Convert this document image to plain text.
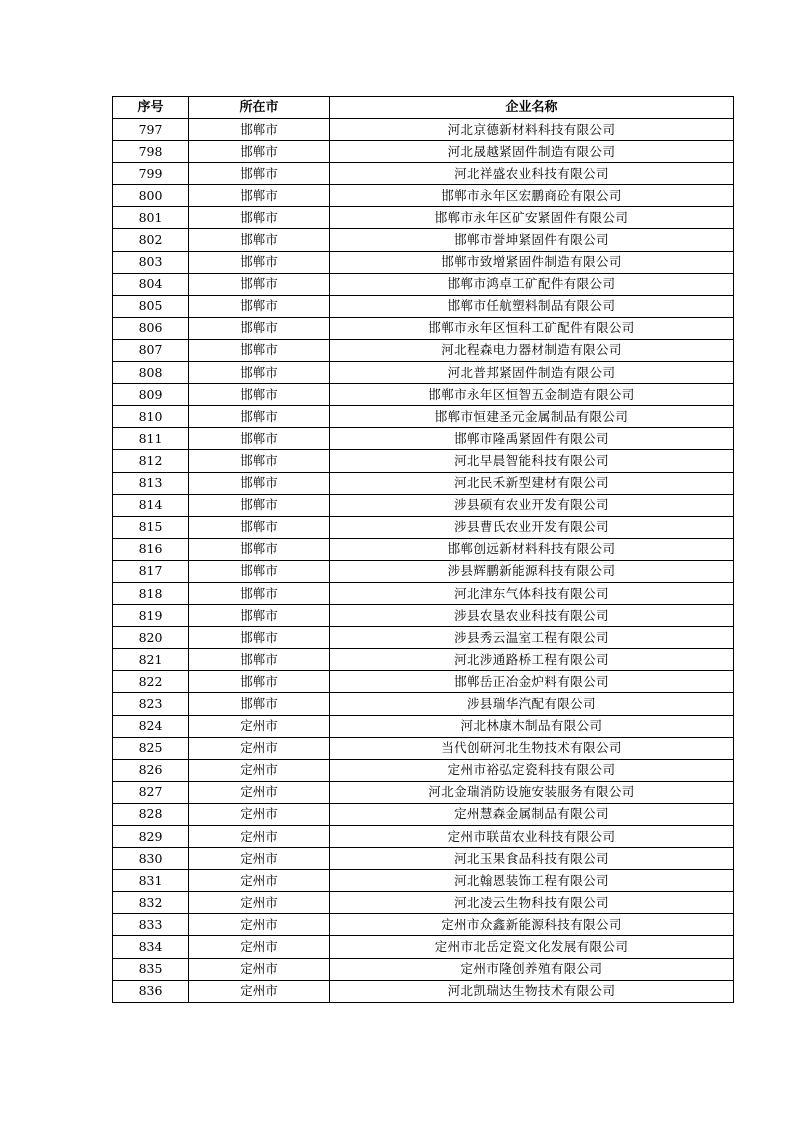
序号	所在市	企业名称
797	邯郸市	河北京德新材料科技有限公司
798	邯郸市	河北晟越紧固件制造有限公司
799	邯郸市	河北祥盛农业科技有限公司
800	邯郸市	邯郸市永年区宏鹏商砼有限公司
801	邯郸市	邯郸市永年区矿安紧固件有限公司
802	邯郸市	邯郸市誉坤紧固件有限公司
803	邯郸市	邯郸市致增紧固件制造有限公司
804	邯郸市	邯郸市鸿卓工矿配件有限公司
805	邯郸市	邯郸市任航塑料制品有限公司
806	邯郸市	邯郸市永年区恒科工矿配件有限公司
807	邯郸市	河北程森电力器材制造有限公司
808	邯郸市	河北普邦紧固件制造有限公司
809	邯郸市	邯郸市永年区恒智五金制造有限公司
810	邯郸市	邯郸市恒建圣元金属制品有限公司
811	邯郸市	邯郸市隆禹紧固件有限公司
812	邯郸市	河北早晨智能科技有限公司
813	邯郸市	河北民禾新型建材有限公司
814	邯郸市	涉县硕有农业开发有限公司
815	邯郸市	涉县曹氏农业开发有限公司
816	邯郸市	邯郸创远新材料科技有限公司
817	邯郸市	涉县辉鹏新能源科技有限公司
818	邯郸市	河北津东气体科技有限公司
819	邯郸市	涉县农垦农业科技有限公司
820	邯郸市	涉县秀云温室工程有限公司
821	邯郸市	河北涉通路桥工程有限公司
822	邯郸市	邯郸岳正冶金炉料有限公司
823	邯郸市	涉县瑞华汽配有限公司
824	定州市	河北林康木制品有限公司
825	定州市	当代创研河北生物技术有限公司
826	定州市	定州市裕弘定瓷科技有限公司
827	定州市	河北金瑞消防设施安装服务有限公司
828	定州市	定州慧森金属制品有限公司
829	定州市	定州市联苗农业科技有限公司
830	定州市	河北玉果食品科技有限公司
831	定州市	河北翰恩装饰工程有限公司
832	定州市	河北凌云生物科技有限公司
833	定州市	定州市众鑫新能源科技有限公司
834	定州市	定州市北岳定瓷文化发展有限公司
835	定州市	定州市隆创养殖有限公司
836	定州市	河北凯瑞达生物技术有限公司
